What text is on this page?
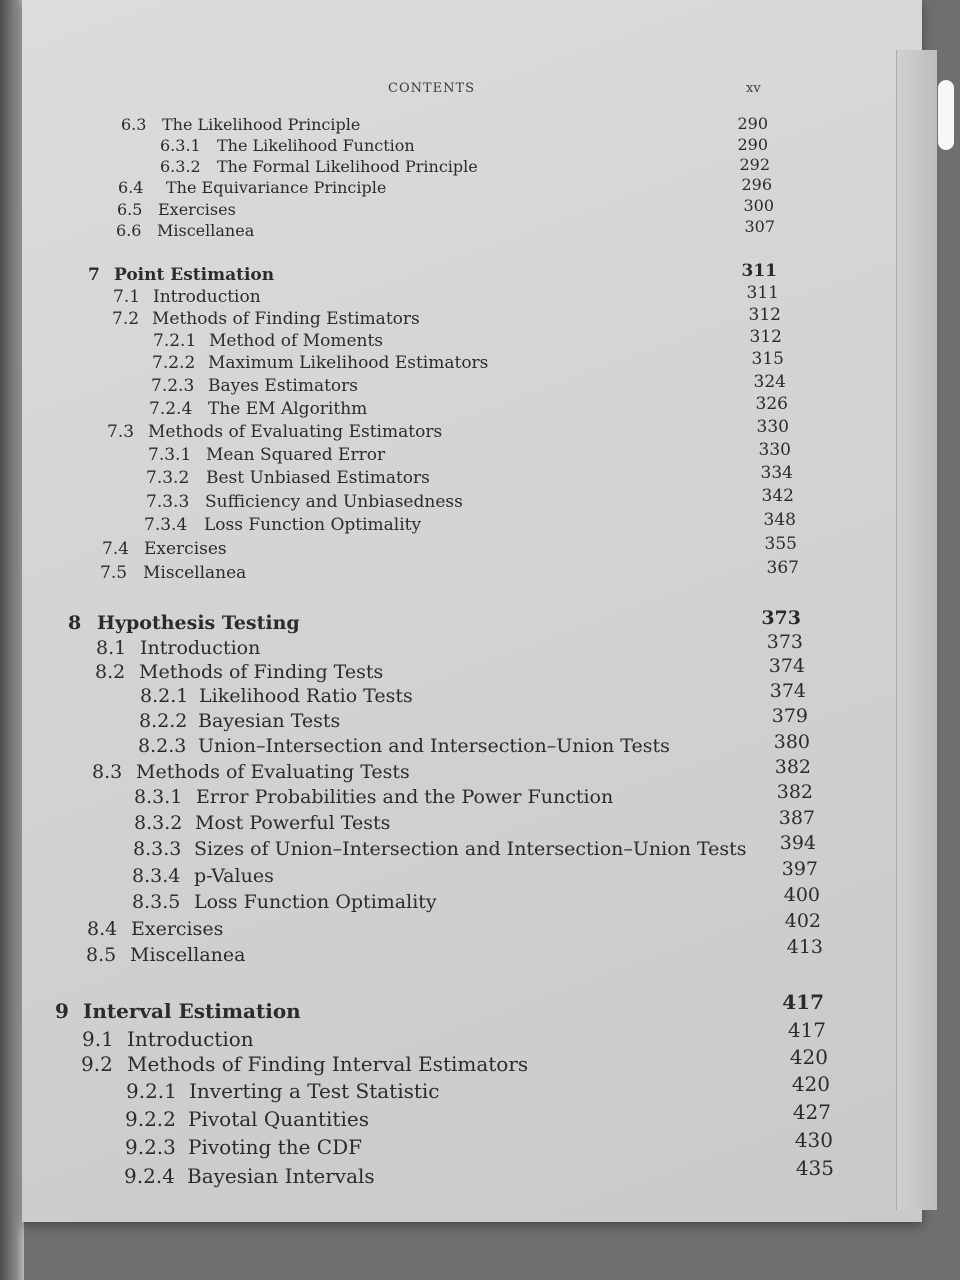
CONTENTS	xv
6.3 The Likelihood Principle	290
6.3.1 The Likelihood Function	290
6.3.2 The Formal Likelihood Principle	292
6.4 The Equivariance Principle	296
6.5 Exercises	300
6.6 Miscellanea	307
7 Point Estimation	311
7.1 Introduction	311
7.2 Methods of Finding Estimators	312
7.2.1 Method of Moments	312
7.2.2 Maximum Likelihood Estimators	315
7.2.3 Bayes Estimators	324
7.2.4 The EM Algorithm	326
7.3 Methods of Evaluating Estimators	330
7.3.1 Mean Squared Error	330
7.3.2 Best Unbiased Estimators	334
7.3.3 Sufficiency and Unbiasedness	342
7.3.4 Loss Function Optimality	348
7.4 Exercises	355
7.5 Miscellanea	367
8 Hypothesis Testing	373
8.1 Introduction	373
8.2 Methods of Finding Tests	374
8.2.1 Likelihood Ratio Tests	374
8.2.2 Bayesian Tests	379
8.2.3 Union–Intersection and Intersection–Union Tests	380
8.3 Methods of Evaluating Tests	382
8.3.1 Error Probabilities and the Power Function	382
8.3.2 Most Powerful Tests	387
8.3.3 Sizes of Union–Intersection and Intersection–Union Tests	394
8.3.4 p-Values	397
8.3.5 Loss Function Optimality	400
8.4 Exercises	402
8.5 Miscellanea	413
9 Interval Estimation	417
9.1 Introduction	417
9.2 Methods of Finding Interval Estimators	420
9.2.1 Inverting a Test Statistic	420
9.2.2 Pivotal Quantities	427
9.2.3 Pivoting the CDF	430
9.2.4 Bayesian Intervals	435
